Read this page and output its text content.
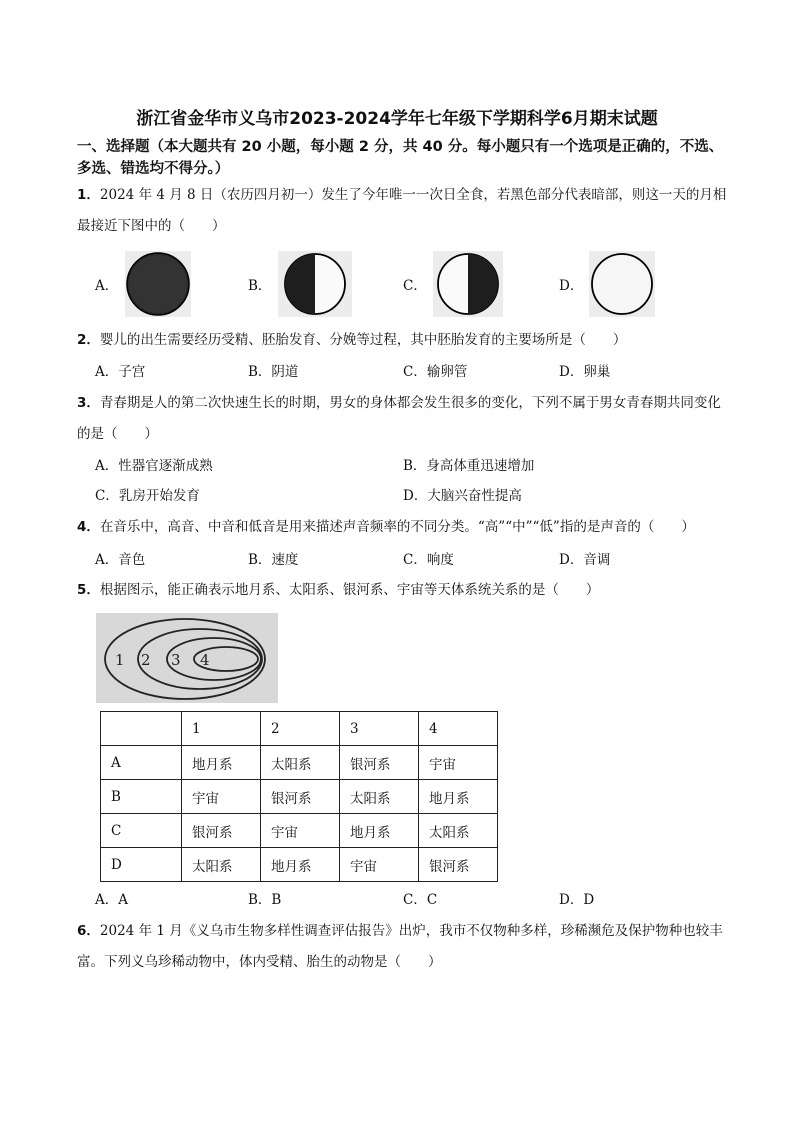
浙江省金华市义乌市2023-2024学年七年级下学期科学6月期末试题
一、选择题（本大题共有 20 小题，每小题 2 分，共 40 分。每小题只有一个选项是正确的，不选、多选、错选均不得分。）
1．2024 年 4 月 8 日（农历四月初一）发生了今年唯一一次日全食，若黑色部分代表暗部，则这一天的月相最接近下图中的（　　）
A．	B．	C．	D．
2．婴儿的出生需要经历受精、胚胎发育、分娩等过程，其中胚胎发育的主要场所是（　　）
A．子宫	B．阴道	C．输卵管	D．卵巢
3．青春期是人的第二次快速生长的时期，男女的身体都会发生很多的变化，下列不属于男女青春期共同变化的是（　　）
A．性器官逐渐成熟	B．身高体重迅速增加
C．乳房开始发育	D．大脑兴奋性提高
4．在音乐中，高音、中音和低音是用来描述声音频率的不同分类。“高”“中”“低”指的是声音的（　　）
A．音色	B．速度	C．响度	D．音调
5．根据图示，能正确表示地月系、太阳系、银河系、宇宙等天体系统关系的是（　　）
1 2 3 4
	1	2	3	4
A	地月系	太阳系	银河系	宇宙
B	宇宙	银河系	太阳系	地月系
C	银河系	宇宙	地月系	太阳系
D	太阳系	地月系	宇宙	银河系
A．A	B．B	C．C	D．D
6．2024 年 1 月《义乌市生物多样性调查评估报告》出炉，我市不仅物种多样，珍稀濒危及保护物种也较丰富。下列义乌珍稀动物中，体内受精、胎生的动物是（　　）
